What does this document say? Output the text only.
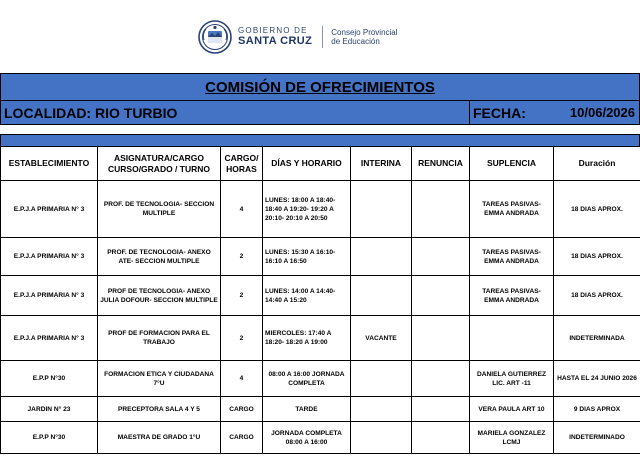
GOBIERNO DE
SANTA CRUZ
Consejo Provincial
de Educación
COMISIÓN DE OFRECIMIENTOS
LOCALIDAD: RIO TURBIO	FECHA:	10/06/2026
ESTABLECIMIENTO	ASIGNATURA/CARGO CURSO/GRADO / TURNO	CARGO/ HORAS	DÍAS Y HORARIO	INTERINA	RENUNCIA	SUPLENCIA	Duración
E.P.J.A PRIMARIA N° 3	PROF. DE TECNOLOGIA- SECCION MULTIPLE	4	LUNES: 18:00 A 18:40- 18:40 A 19:20- 19:20 A 20:10- 20:10 A 20:50			TAREAS PASIVAS- EMMA ANDRADA	18 DIAS APROX.
E.P.J.A PRIMARIA N° 3	PROF. DE TECNOLOGIA- ANEXO ATE- SECCION MULTIPLE	2	LUNES: 15:30 A 16:10- 16:10 A 16:50			TAREAS PASIVAS- EMMA ANDRADA	18 DIAS APROX.
E.P.J.A PRIMARIA N° 3	PROF DE TECNOLOGIA- ANEXO JULIA DOFOUR- SECCION MULTIPLE	2	LUNES: 14:00 A 14:40- 14:40 A 15:20			TAREAS PASIVAS- EMMA ANDRADA	18 DIAS APROX.
E.P.J.A PRIMARIA N° 3	PROF DE FORMACION PARA EL TRABAJO	2	MIERCOLES: 17:40 A 18:20- 18:20 A 19:00	VACANTE			INDETERMINADA
E.P.P N°30	FORMACION ETICA Y CIUDADANA 7°U	4	08:00 A 16:00 JORNADA COMPLETA			DANIELA GUTIERREZ LIC. ART -11	HASTA EL 24 JUNIO 2026
JARDIN N° 23	PRECEPTORA SALA 4 Y 5	CARGO	TARDE			VERA PAULA ART 10	9 DIAS APROX
E.P.P N°30	MAESTRA DE GRADO 1°U	CARGO	JORNADA COMPLETA 08:00 A 16:00			MARIELA GONZALEZ LCMJ	INDETERMINADO
